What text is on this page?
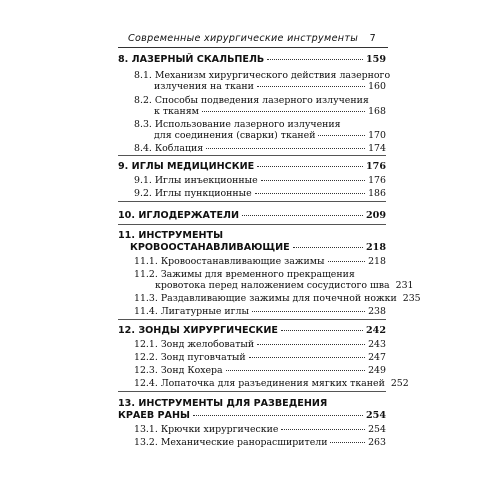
Современные хирургические инструменты 7
8. ЛАЗЕРНЫЙ СКАЛЬПЕЛЬ	159
8.1. Механизм хирургического действия лазерного
излучения на ткани	160
8.2. Способы подведения лазерного излучения
к тканям	168
8.3. Использование лазерного излучения
для соединения (сварки) тканей	170
8.4. Коблация	174
9. ИГЛЫ МЕДИЦИНСКИЕ	176
9.1. Иглы инъекционные	176
9.2. Иглы пункционные	186
10. ИГЛОДЕРЖАТЕЛИ	209
11. ИНСТРУМЕНТЫ
КРОВООСТАНАВЛИВАЮЩИЕ	218
11.1. Кровоостанавливающие зажимы	218
11.2. Зажимы для временного прекращения
кровотока перед наложением сосудистого шва 231
11.3. Раздавливающие зажимы для почечной ножки 235
11.4. Лигатурные иглы	238
12. ЗОНДЫ ХИРУРГИЧЕСКИЕ	242
12.1. Зонд желобоватый	243
12.2. Зонд пуговчатый	247
12.3. Зонд Кохера	249
12.4. Лопаточка для разъединения мягких тканей 252
13. ИНСТРУМЕНТЫ ДЛЯ РАЗВЕДЕНИЯ
КРАЕВ РАНЫ	254
13.1. Крючки хирургические	254
13.2. Механические ранорасширители	263
